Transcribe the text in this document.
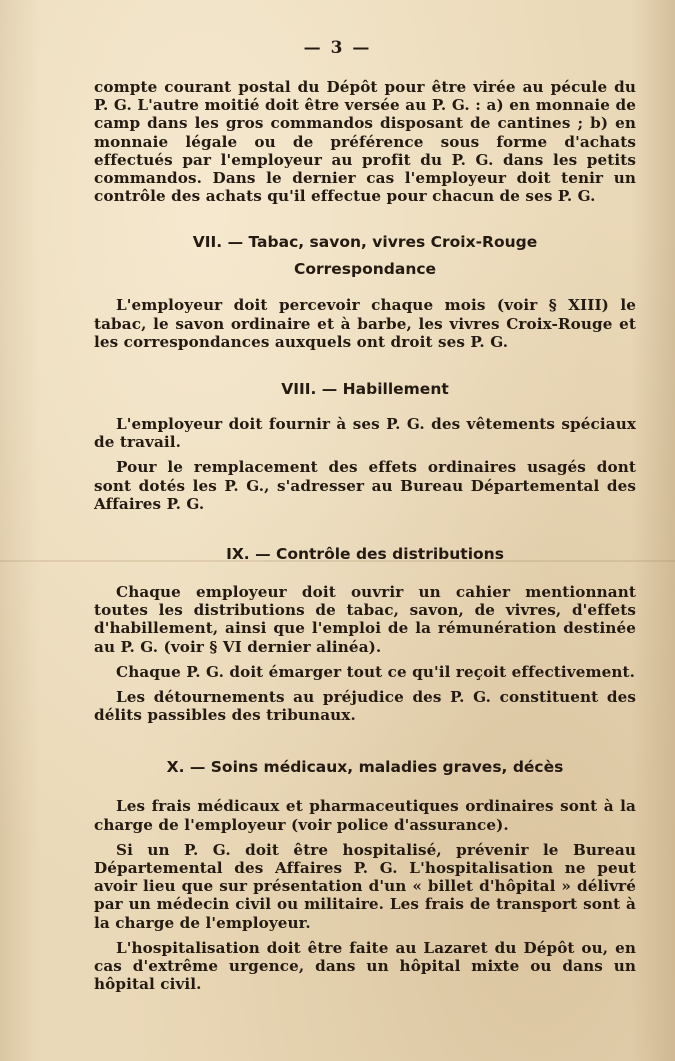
— 3 —

compte courant postal du Dépôt pour être virée au pécule du P. G. L'autre moitié doit être versée au P. G. : a) en monnaie de camp dans les gros commandos disposant de cantines ; b) en monnaie légale ou de préférence sous forme d'achats effectués par l'employeur au profit du P. G. dans les petits commandos. Dans le dernier cas l'employeur doit tenir un contrôle des achats qu'il effectue pour chacun de ses P. G.

VII. — Tabac, savon, vivres Croix-Rouge
Correspondance

L'employeur doit percevoir chaque mois (voir § XIII) le tabac, le savon ordinaire et à barbe, les vivres Croix-Rouge et les correspondances auxquels ont droit ses P. G.

VIII. — Habillement

L'employeur doit fournir à ses P. G. des vêtements spéciaux de travail.

Pour le remplacement des effets ordinaires usagés dont sont dotés les P. G., s'adresser au Bureau Départemental des Affaires P. G.

IX. — Contrôle des distributions

Chaque employeur doit ouvrir un cahier mentionnant toutes les distributions de tabac, savon, de vivres, d'effets d'habillement, ainsi que l'emploi de la rémunération destinée au P. G. (voir § VI dernier alinéa).

Chaque P. G. doit émarger tout ce qu'il reçoit effectivement.

Les détournements au préjudice des P. G. constituent des délits passibles des tribunaux.

X. — Soins médicaux, maladies graves, décès

Les frais médicaux et pharmaceutiques ordinaires sont à la charge de l'employeur (voir police d'assurance).

Si un P. G. doit être hospitalisé, prévenir le Bureau Départemental des Affaires P. G. L'hospitalisation ne peut avoir lieu que sur présentation d'un « billet d'hôpital » délivré par un médecin civil ou militaire. Les frais de transport sont à la charge de l'employeur.

L'hospitalisation doit être faite au Lazaret du Dépôt ou, en cas d'extrême urgence, dans un hôpital mixte ou dans un hôpital civil.
